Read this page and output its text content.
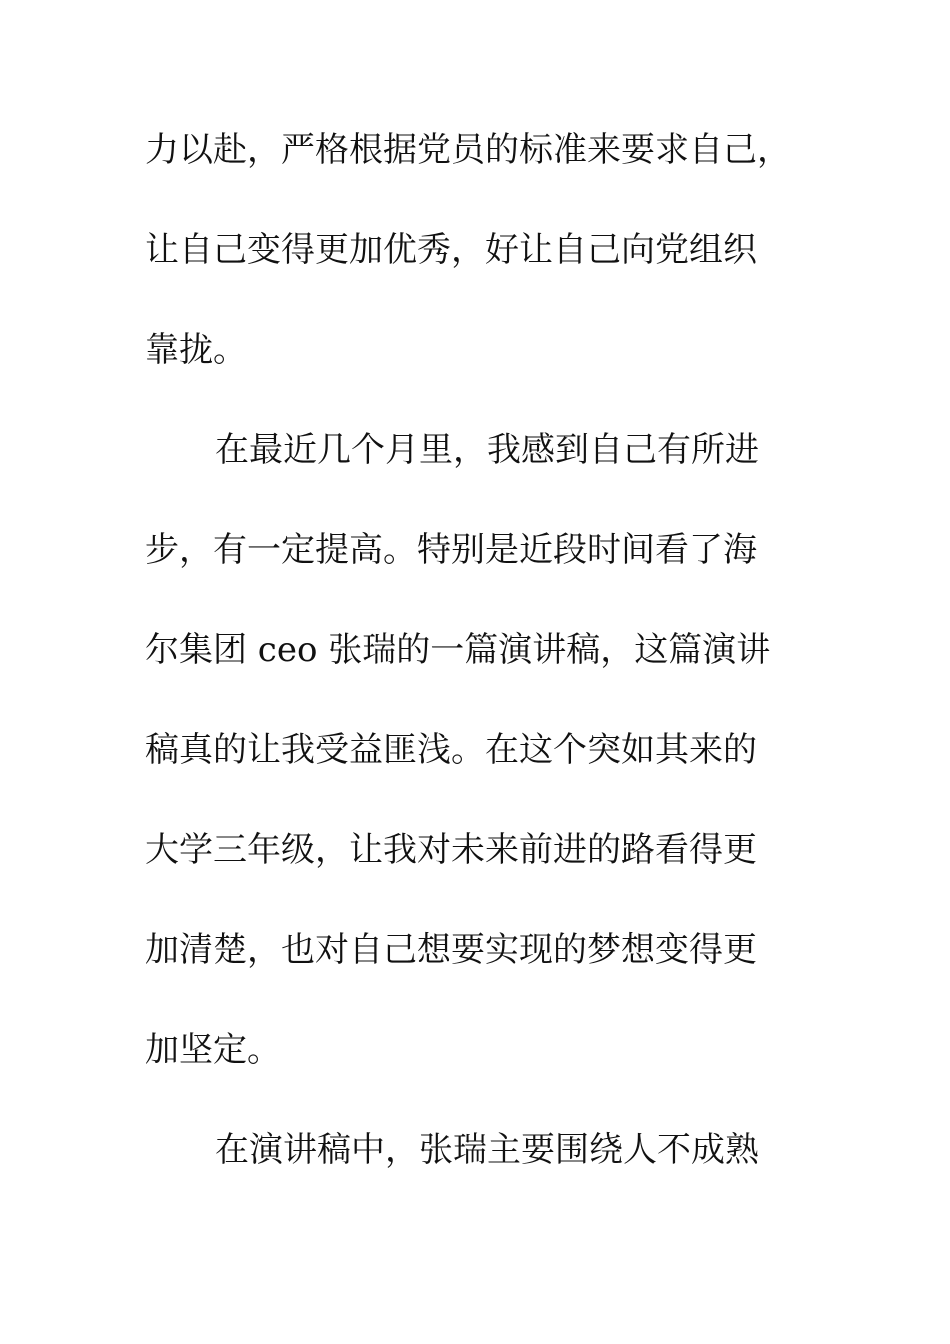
力以赴，严格根据党员的标准来要求自己，
让自己变得更加优秀，好让自己向党组织
靠拢。
在最近几个月里，我感到自己有所进
步，有一定提高。特别是近段时间看了海
尔集团 ceo 张瑞的一篇演讲稿，这篇演讲
稿真的让我受益匪浅。在这个突如其来的
大学三年级，让我对未来前进的路看得更
加清楚，也对自己想要实现的梦想变得更
加坚定。
在演讲稿中，张瑞主要围绕人不成熟
